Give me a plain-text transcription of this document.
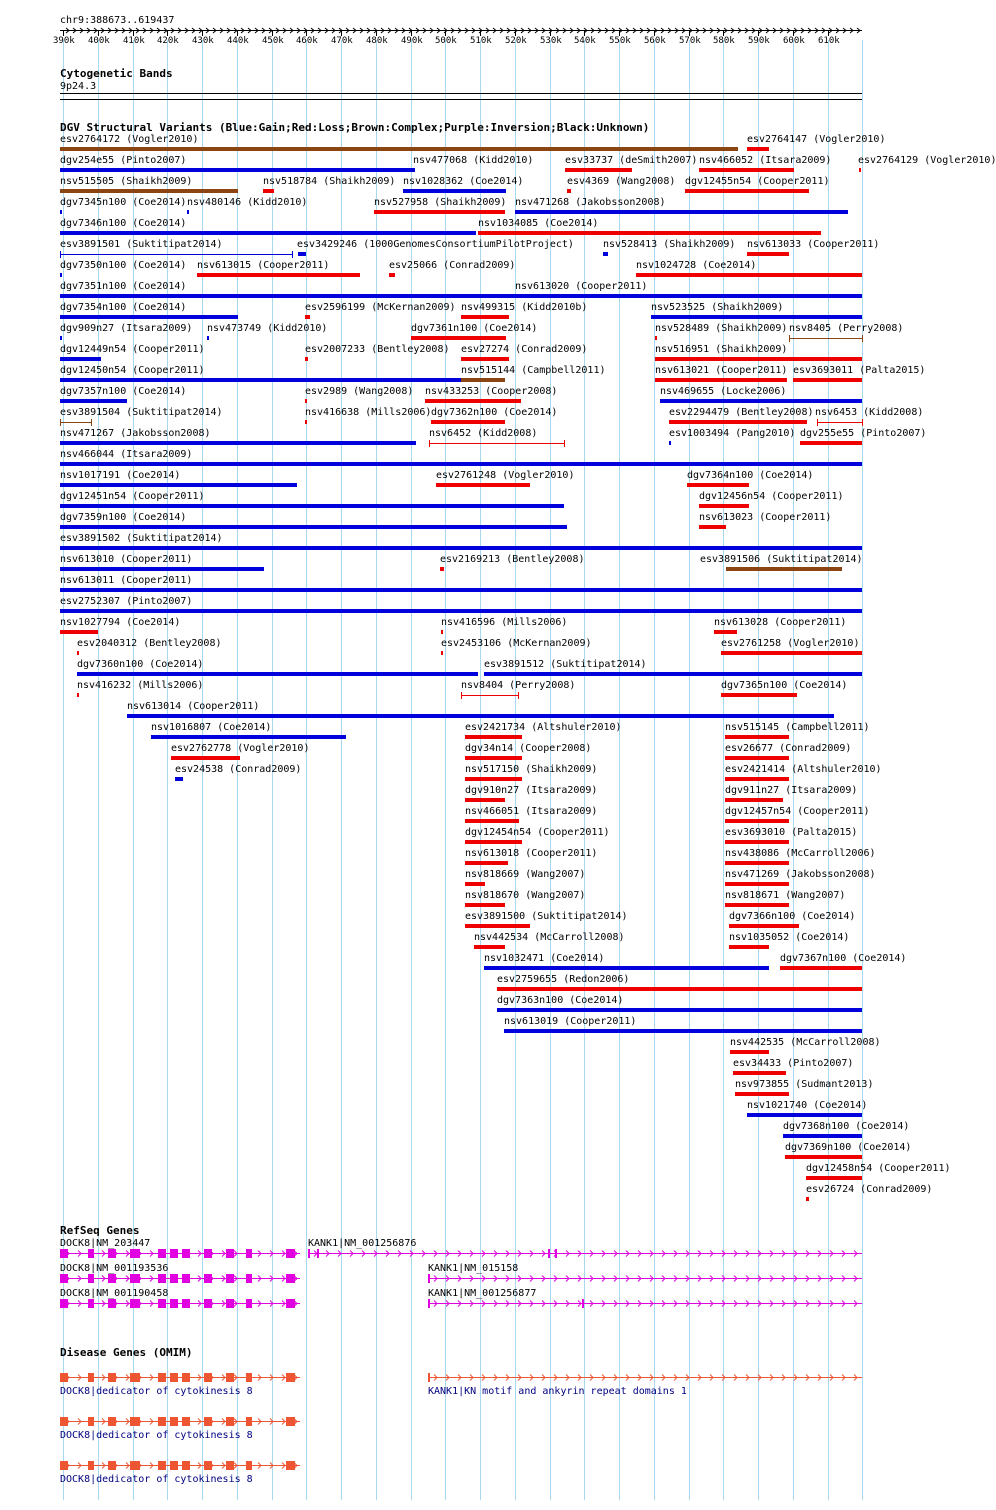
chr9:388673..619437
390k 400k 410k 420k 430k 440k 450k 460k 470k 480k 490k 500k 510k 520k 530k 540k 550k 560k 570k 580k 590k 600k 610k
Cytogenetic Bands
9p24.3
DGV Structural Variants (Blue:Gain;Red:Loss;Brown:Complex;Purple:Inversion;Black:Unknown)
esv2764172 (Vogler2010)	esv2764147 (Vogler2010)
dgv254e55 (Pinto2007)	nsv477068 (Kidd2010)	esv33737 (deSmith2007) nsv466052 (Itsara2009)	esv2764129 (Vogler2010)
nsv515505 (Shaikh2009)	nsv518784 (Shaikh2009) nsv1028362 (Coe2014)	esv4369 (Wang2008) dgv12455n54 (Cooper2011)
dgv7345n100 (Coe2014) nsv480146 (Kidd2010)	nsv527958 (Shaikh2009) nsv471268 (Jakobsson2008)
dgv7346n100 (Coe2014)	nsv1034085 (Coe2014)
esv3429246 (1000GenomesConsortiumPilotProject)	nsv528413 (Shaikh2009) nsv613033 (Cooper2011)
dgv7350n100 (Coe2014) nsv613015 (Cooper2011)	esv25066 (Conrad2009)	nsv1024728 (Coe2014)
dgv7351n100 (Coe2014)	nsv613020 (Cooper2011)
dgv7354n100 (Coe2014)	esv2596199 (McKernan2009) nsv499315 (Kidd2010b)	nsv523525 (Shaikh2009)
dgv909n27 (Itsara2009) nsv473749 (Kidd2010)	dgv7361n100 (Coe2014)	nsv528489 (Shaikh2009) nsv8405 (Perry2008)
dgv12449n54 (Cooper2011)	esv2007233 (Bentley2008) esv27274 (Conrad2009)	nsv516951 (Shaikh2009)
dgv12450n54 (Cooper2011)	nsv515144 (Campbell2011)	nsv613021 (Cooper2011) esv3693011 (Palta2015)
dgv7357n100 (Coe2014)	esv2989 (Wang2008) nsv433253 (Cooper2008)	nsv469655 (Locke2006)
esv3891504 (Suktitipat2014)	nsv416638 (Mills2006) dgv7362n100 (Coe2014)	esv2294479 (Bentley2008) nsv6453 (Kidd2008)
nsv471267 (Jakobsson2008)	nsv6452 (Kidd2008)	esv1003494 (Pang2010) dgv255e55 (Pinto2007)
nsv466044 (Itsara2009)
nsv1017191 (Coe2014)	esv2761248 (Vogler2010)	dgv7364n100 (Coe2014)
dgv12451n54 (Cooper2011)	dgv12456n54 (Cooper2011)
dgv7359n100 (Coe2014)	nsv613023 (Cooper2011)
esv3891502 (Suktitipat2014)
nsv613010 (Cooper2011)	esv2169213 (Bentley2008)	esv3891506 (Suktitipat2014)
nsv613011 (Cooper2011)
esv2752307 (Pinto2007)
nsv1027794 (Coe2014)	nsv416596 (Mills2006)	nsv613028 (Cooper2011)
esv2040312 (Bentley2008)	esv2453106 (McKernan2009)	esv2761258 (Vogler2010)
dgv7360n100 (Coe2014)	esv3891512 (Suktitipat2014)
nsv416232 (Mills2006)	nsv8404 (Perry2008)	dgv7365n100 (Coe2014)
nsv613014 (Cooper2011)
nsv1016807 (Coe2014)	esv2421734 (Altshuler2010)	nsv515145 (Campbell2011)
esv2762778 (Vogler2010)	dgv34n14 (Cooper2008)	esv26677 (Conrad2009)
esv24538 (Conrad2009)	nsv517150 (Shaikh2009)	esv2421414 (Altshuler2010)
dgv910n27 (Itsara2009)	dgv911n27 (Itsara2009)
nsv466051 (Itsara2009)	dgv12457n54 (Cooper2011)
dgv12454n54 (Cooper2011)	esv3693010 (Palta2015)
nsv613018 (Cooper2011)	nsv438086 (McCarroll2006)
nsv818669 (Wang2007)	nsv471269 (Jakobsson2008)
nsv818670 (Wang2007)	nsv818671 (Wang2007)
esv3891500 (Suktitipat2014)	dgv7366n100 (Coe2014)
nsv442534 (McCarroll2008)	nsv1035052 (Coe2014)
nsv1032471 (Coe2014)	dgv7367n100 (Coe2014)
esv2759655 (Redon2006)
dgv7363n100 (Coe2014)
nsv613019 (Cooper2011)
nsv442535 (McCarroll2008)
esv34433 (Pinto2007)
nsv973855 (Sudmant2013)
nsv1021740 (Coe2014)
dgv7368n100 (Coe2014)
dgv7369n100 (Coe2014)
dgv12458n54 (Cooper2011)
esv26724 (Conrad2009)
esv3891501 (Suktitipat2014)
RefSeq Genes
DOCK8|NM_203447	KANK1|NM_001256876
DOCK8|NM_001193536	KANK1|NM_015158
DOCK8|NM_001190458	KANK1|NM_001256877
Disease Genes (OMIM)
DOCK8|dedicator of cytokinesis 8	KANK1|KN motif and ankyrin repeat domains 1
DOCK8|dedicator of cytokinesis 8
DOCK8|dedicator of cytokinesis 8
